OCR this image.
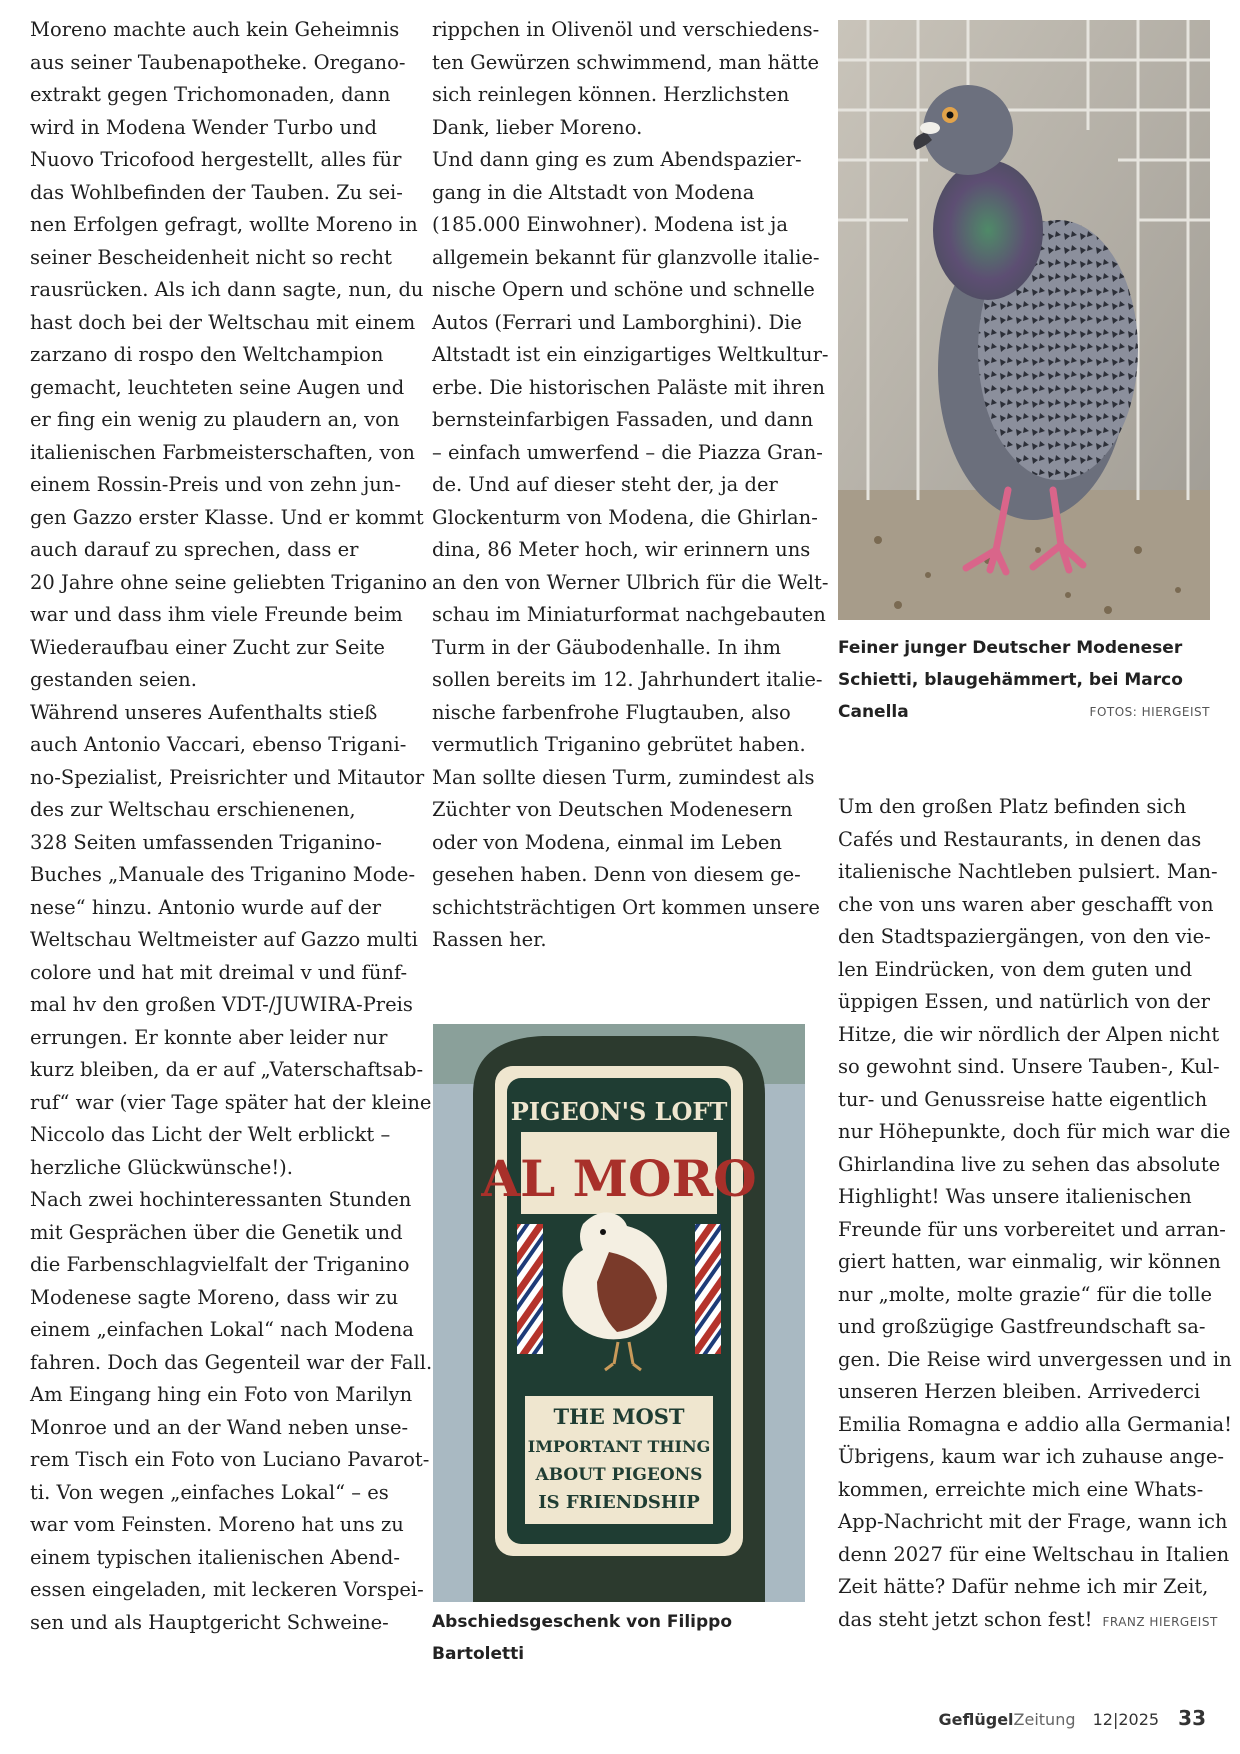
Moreno machte auch kein Geheimnis
aus seiner Taubenapotheke. Oregano-
extrakt gegen Trichomonaden, dann
wird in Modena Wender Turbo und
Nuovo Tricofood hergestellt, alles für
das Wohlbefinden der Tauben. Zu sei-
nen Erfolgen gefragt, wollte Moreno in
seiner Bescheidenheit nicht so recht
rausrücken. Als ich dann sagte, nun, du
hast doch bei der Weltschau mit einem
zarzano di rospo den Weltchampion
gemacht, leuchteten seine Augen und
er fing ein wenig zu plaudern an, von
italienischen Farbmeisterschaften, von
einem Rossin-Preis und von zehn jun-
gen Gazzo erster Klasse. Und er kommt
auch darauf zu sprechen, dass er
20 Jahre ohne seine geliebten Triganino
war und dass ihm viele Freunde beim
Wiederaufbau einer Zucht zur Seite
gestanden seien.
Während unseres Aufenthalts stieß
auch Antonio Vaccari, ebenso Trigani-
no-Spezialist, Preisrichter und Mitautor
des zur Weltschau erschienenen,
328 Seiten umfassenden Triganino-
Buches „Manuale des Triganino Mode-
nese“ hinzu. Antonio wurde auf der
Weltschau Weltmeister auf Gazzo multi
colore und hat mit dreimal v und fünf-
mal hv den großen VDT-/JUWIRA-Preis
errungen. Er konnte aber leider nur
kurz bleiben, da er auf „Vaterschaftsab-
ruf“ war (vier Tage später hat der kleine
Niccolo das Licht der Welt erblickt –
herzliche Glückwünsche!).
Nach zwei hochinteressanten Stunden
mit Gesprächen über die Genetik und
die Farbenschlagvielfalt der Triganino
Modenese sagte Moreno, dass wir zu
einem „einfachen Lokal“ nach Modena
fahren. Doch das Gegenteil war der Fall.
Am Eingang hing ein Foto von Marilyn
Monroe und an der Wand neben unse-
rem Tisch ein Foto von Luciano Pavarot-
ti. Von wegen „einfaches Lokal“ – es
war vom Feinsten. Moreno hat uns zu
einem typischen italienischen Abend-
essen eingeladen, mit leckeren Vorspei-
sen und als Hauptgericht Schweine-
rippchen in Olivenöl und verschiedens-
ten Gewürzen schwimmend, man hätte
sich reinlegen können. Herzlichsten
Dank, lieber Moreno.
Und dann ging es zum Abendspazier-
gang in die Altstadt von Modena
(185.000 Einwohner). Modena ist ja
allgemein bekannt für glanzvolle italie-
nische Opern und schöne und schnelle
Autos (Ferrari und Lamborghini). Die
Altstadt ist ein einzigartiges Weltkultur-
erbe. Die historischen Paläste mit ihren
bernsteinfarbigen Fassaden, und dann
– einfach umwerfend – die Piazza Gran-
de. Und auf dieser steht der, ja der
Glockenturm von Modena, die Ghirlan-
dina, 86 Meter hoch, wir erinnern uns
an den von Werner Ulbrich für die Welt-
schau im Miniaturformat nachgebauten
Turm in der Gäubodenhalle. In ihm
sollen bereits im 12. Jahrhundert italie-
nische farbenfrohe Flugtauben, also
vermutlich Triganino gebrütet haben.
Man sollte diesen Turm, zumindest als
Züchter von Deutschen Modenesern
oder von Modena, einmal im Leben
gesehen haben. Denn von diesem ge-
schichtsträchtigen Ort kommen unsere
Rassen her.
Um den großen Platz befinden sich
Cafés und Restaurants, in denen das
italienische Nachtleben pulsiert. Man-
che von uns waren aber geschafft von
den Stadtspaziergängen, von den vie-
len Eindrücken, von dem guten und
üppigen Essen, und natürlich von der
Hitze, die wir nördlich der Alpen nicht
so gewohnt sind. Unsere Tauben-, Kul-
tur- und Genussreise hatte eigentlich
nur Höhepunkte, doch für mich war die
Ghirlandina live zu sehen das absolute
Highlight! Was unsere italienischen
Freunde für uns vorbereitet und arran-
giert hatten, war einmalig, wir können
nur „molte, molte grazie“ für die tolle
und großzügige Gastfreundschaft sa-
gen. Die Reise wird unvergessen und in
unseren Herzen bleiben. Arrivederci
Emilia Romagna e addio alla Germania!
Übrigens, kaum war ich zuhause ange-
kommen, erreichte mich eine Whats-
App-Nachricht mit der Frage, wann ich
denn 2027 für eine Weltschau in Italien
Zeit hätte? Dafür nehme ich mir Zeit,
das steht jetzt schon fest! FRANZ HIERGEIST
Feiner junger Deutscher Modeneser
Schietti, blaugehämmert, bei Marco
Canella	FOTOS: HIERGEIST
PIGEON'S LOFT
AL MORO
THE MOST
IMPORTANT THING
ABOUT PIGEONS
IS FRIENDSHIP
Abschiedsgeschenk von Filippo Bartoletti
GeflügelZeitung 12|2025 33
